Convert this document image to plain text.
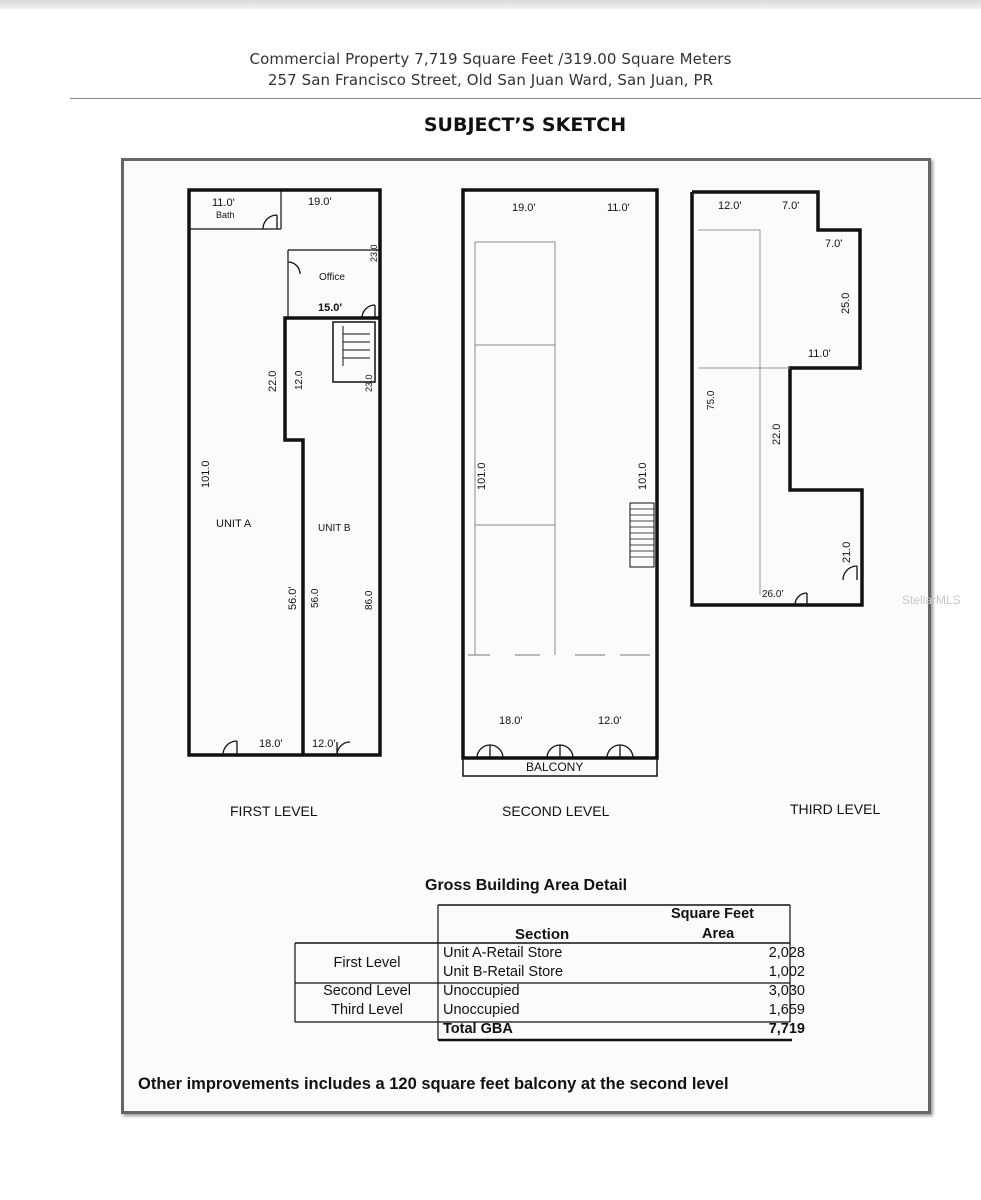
Commercial Property 7,719 Square Feet /319.00 Square Meters
257 San Francisco Street, Old San Juan Ward, San Juan, PR
SUBJECT’S SKETCH
11.0'	19.0'
Bath
Office
15.0'
23.0
22.0 12.0	23.0
101.0
UNIT A	UNIT B
56.0' 56.0	86.0
18.0'	12.0'
FIRST LEVEL
19.0'	11.0'
101.0	101.0
18.0'	12.0'
BALCONY
SECOND LEVEL
12.0'	7.0'
7.0'
25.0
11.0'
75.0
22.0
21.0
26.0'
THIRD LEVEL
StellarMLS
Gross Building Area Detail
Square Feet
Section	Area
First Level	Unit A-Retail Store	2,028
	Unit B-Retail Store	1,002
Second Level	Unoccupied	3,030
Third Level	Unoccupied	1,659
	Total GBA	7,719
Other improvements includes a 120 square feet balcony at the second level
